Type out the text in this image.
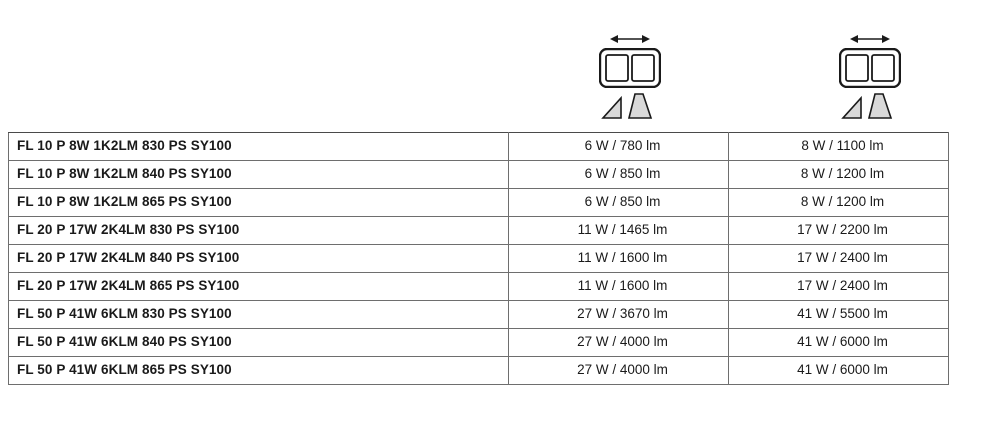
FL 10 P 8W 1K2LM 830 PS SY100	6 W / 780 lm	8 W / 1100 lm
FL 10 P 8W 1K2LM 840 PS SY100	6 W / 850 lm	8 W / 1200 lm
FL 10 P 8W 1K2LM 865 PS SY100	6 W / 850 lm	8 W / 1200 lm
FL 20 P 17W 2K4LM 830 PS SY100	11 W / 1465 lm	17 W / 2200 lm
FL 20 P 17W 2K4LM 840 PS SY100	11 W / 1600 lm	17 W / 2400 lm
FL 20 P 17W 2K4LM 865 PS SY100	11 W / 1600 lm	17 W / 2400 lm
FL 50 P 41W 6KLM 830 PS SY100	27 W / 3670 lm	41 W / 5500 lm
FL 50 P 41W 6KLM 840 PS SY100	27 W / 4000 lm	41 W / 6000 lm
FL 50 P 41W 6KLM 865 PS SY100	27 W / 4000 lm	41 W / 6000 lm
